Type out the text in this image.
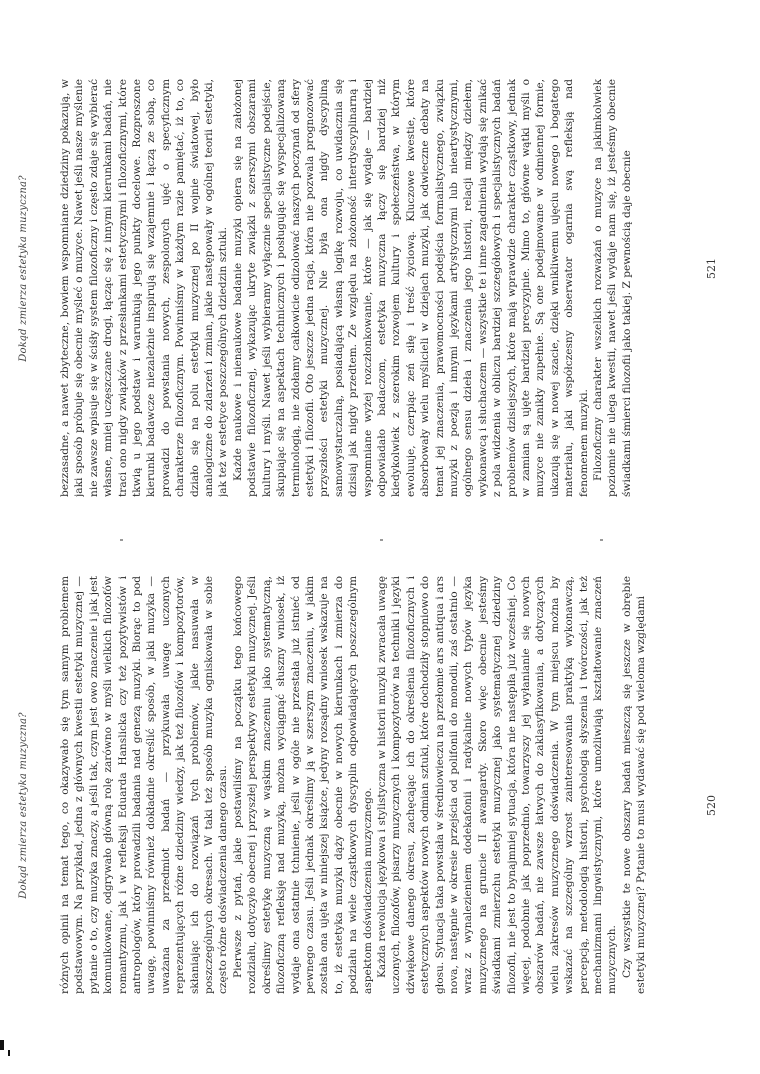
Dokąd zmierza estetyka muzyczna?	różnych opinii na temat tego, co okazywało się tym samym problemem podstawowym. Na przykład, jedna z głównych kwestii estetyki muzycznej — pytanie o to, czy muzyka znaczy, a jeśli tak, czym jest owo znaczenie i jak jest komunikowane, odgrywało główną rolę zarówno w myśli wielkich filozofów romantyzmu, jak i w refleksji Eduarda Hanslicka czy też pozytywistów i antropologów, który prowadzili badania nad genezą muzyki. Biorąc to pod uwagę, powinniśmy również dokładnie określić sposób, w jaki muzyka — uważana za przedmiot badań — przykuwała uwagę uczonych reprezentujących różne dziedziny wiedzy, jak też filozofów i kompozytorów, skłaniając ich do rozwiązań tych problemów, jakie nasuwała w poszczególnych okresach. W taki też sposób muzyka ogniskowała w sobie często różne doświadczenia danego czasu. Pierwsze z pytań, jakie postawiliśmy na początku tego końcowego rozdziału, dotyczyło obecnej i przyszłej perspektywy estetyki muzycznej. Jeśli określimy estetykę muzyczną w wąskim znaczeniu jako systematyczną, filozoficzną refleksję nad muzyką, można wyciągnąć słuszny wniosek, iż wydaje ona ostatnie tchnienie, jeśli w ogóle nie przestała już istnieć od pewnego czasu. Jeśli jednak określimy ją w szerszym znaczeniu, w jakim została ona ujęta w niniejszej książce, jedyny rozsądny wniosek wskazuje na to, iż estetyka muzyki dąży obecnie w nowych kierunkach i zmierza do podziału na wiele cząstkowych dyscyplin odpowiadających poszczególnym aspektom doświadczenia muzycznego. Każda rewolucja językowa i stylistyczna w historii muzyki zwracała uwagę uczonych, filozofów, pisarzy muzycznych i kompozytorów na techniki i języki dźwiękowe danego okresu, zachęcając ich do określenia filozoficznych i estetycznych aspektów nowych odmian sztuki, które dochodziły stopniowo do głosu. Sytuacja taka powstała w średniowieczu na przełomie ars antiqua i ars nova, następnie w okresie przejścia od polifonii do monodii, zaś ostatnio — wraz z wynalezieniem dodekafonii i radykalnie nowych typów języka muzycznego na gruncie II awangardy. Skoro więc obecnie jesteśmy świadkami zmierzchu estetyki muzycznej jako systematycznej dziedziny filozofii, nie jest to bynajmniej sytuacja, która nie następiła już wcześniej. Co więcej, podobnie jak poprzednio, towarzyszy jej wyłanianie się nowych obszarów badań, nie zawsze łatwych do zaklasyfikowania, a dotyczących wielu zakresów muzycznego doświadczenia. W tym miejscu można by wskazać na szczególny wzrost zainteresowania praktyką wykonawczą, percepcją, metodologią historii, psychologią słyszenia i twórczości, jak też mechanizmami lingwistycznymi, które umożliwiają kształtowanie znaczeń muzycznych. Czy wszystkie te nowe obszary badań mieszczą się jeszcze w obrębie estetyki muzycznej? Pytanie to musi wydawać się pod wieloma względami	520
Dokąd zmierza estetyka muzyczna?	bezzasadne, a nawet zbyteczne, bowiem wspomniane dziedziny pokazują, w jaki sposób próbuje się obecnie myśleć o muzyce. Nawet jeśli nasze myślenie nie zawsze wpisuje się w ściśły system filozoficzny i często zdaje się wybierać własne, mniej uczęszczane drogi, łącząc się z innymi kierunkami badań, nie traci ono nigdy związków z przesłankami estetycznymi i filozoficznymi, które tkwią u jego podstaw i warunkują jego punkty docelowe. Rozproszone kierunki badawcze niezależnie inspirują się wzajemnie i łączą ze sobą, co prowadzi do powstania nowych, zespolonych ujęć o specyficznym charakterze filozoficznym. Powinniśmy w każdym razie pamiętać, iż to, co działo się na polu estetyki muzycznej po II wojnie światowej, było analogiczne do zdarzeń i zmian, jakie następowały w ogólnej teorii estetyki, jak też w estetyce poszczególnych dziedzin sztuki. Każde naukowe i nienaukowe badanie muzyki opiera się na założonej podstawie filozoficznej, wykazując ukryte związki z szerszymi obszarami kultury i myśli. Nawet jeśli wybieramy wyłącznie specjalistyczne podejście, skupiając się na aspektach technicznych i posługując się wyspecjalizowaną terminologią, nie zdołamy całkowicie odizolować naszych poczynań od sfery estetyki i filozofii. Oto jeszcze jedna racja, która nie pozwala prognozować przyszłości estetyki muzycznej. Nie była ona nigdy dyscypliną samowystarczalną, posiadającą własną logikę rozwoju, co uwidacznia się dzisiaj jak nigdy przedtem. Ze względu na złożoność interdyscyplinarną i wspomniane wyżej rozczłonkowanie, które — jak się wydaje — bardziej odpowiadało badaczom, estetyka muzyczna łączy się bardziej niż kiedykolwiek z szerokim rozwojem kultury i społeczeństwa, w którym ewoluuje, czerpiąc zeń siłę i treść życiową. Kluczowe kwestie, które absorbowały wielu myślicieli w dziejach muzyki, jak odwieczne debaty na temat jej znaczenia, prawomocności podejścia formalistycznego, związku muzyki z poezją i innymi językami artystycznymi lub nieartystycznymi, ogólnego sensu dzieła i znaczenia jego historii, relacji między dziełem, wykonawcą i słuchaczem — wszystkie te i inne zagadnienia wydają się znikać z pola widzenia w obliczu bardziej szczegółowych i specjalistycznych badań problemów dzisiejszych, które mają wprawdzie charakter cząstkowy, jednak w zamian są ujęte bardziej precyzyjnie. Mimo to, główne wątki myśli o muzyce nie zanikły zupełnie. Są one podejmowane w odmiennej formie, ukazują się w nowej szacie, dzięki wnikliwemu ujęciu nowego i bogatego materiału, jaki współczesny obserwator ogarnia swą refleksją nad fenomenem muzyki. Filozoficzny charakter wszelkich rozważań o muzyce na jakimkolwiek poziomie nie ulega kwestii, nawet jeśli wydaje nam się, iż jesteśmy obecnie świadkami śmierci filozofii jako takiej. Z pewnością daje obecnie	521
